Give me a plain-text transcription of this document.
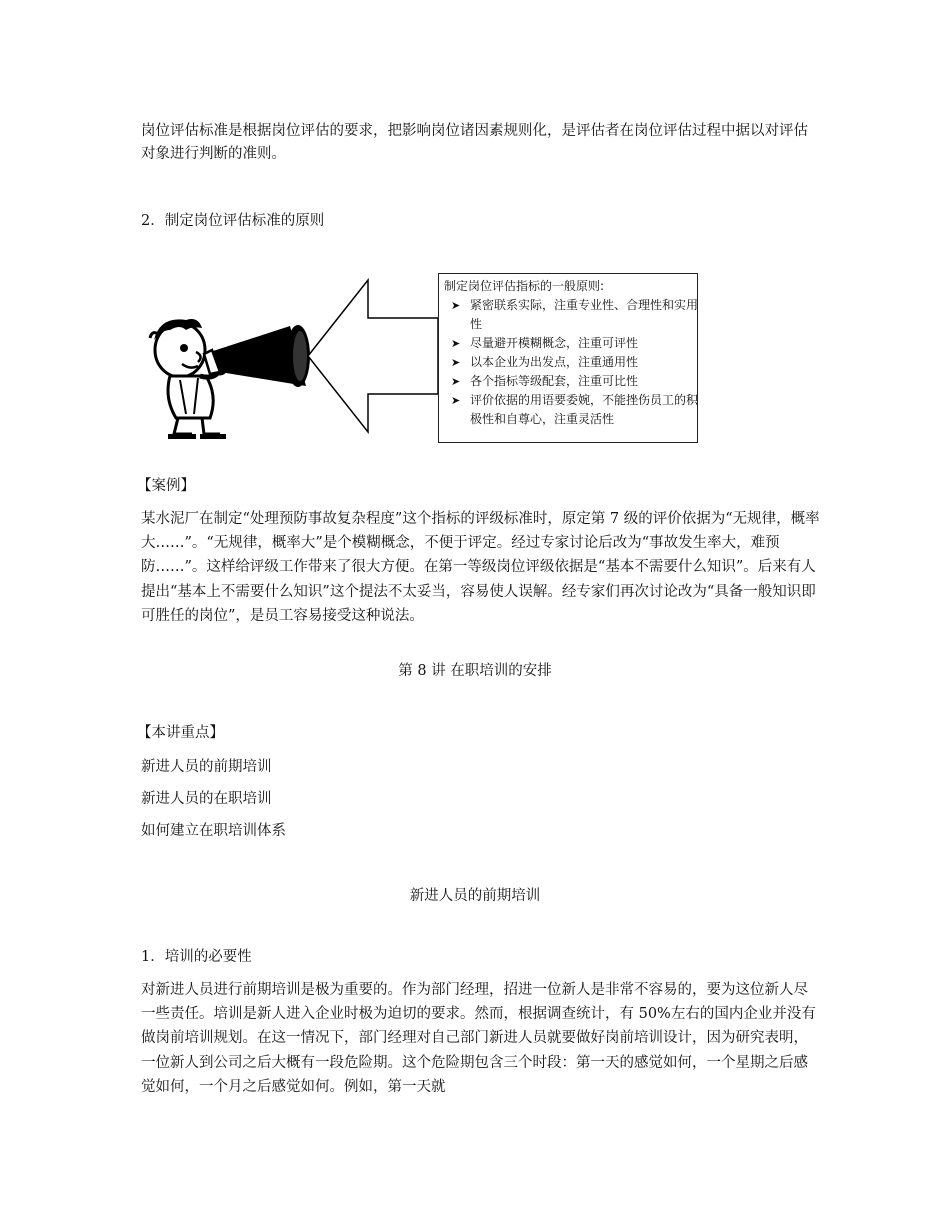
岗位评估标准是根据岗位评估的要求，把影响岗位诸因素规则化，是评估者在岗位评估过程中据以对评估对象进行判断的准则。

2．制定岗位评估标准的原则

制定岗位评估指标的一般原则:

➤ 紧密联系实际，注重专业性、合理性和实用性
➤ 尽量避开模糊概念，注重可评性
➤ 以本企业为出发点，注重通用性
➤ 各个指标等级配套，注重可比性
➤ 评价依据的用语要委婉，不能挫伤员工的积极性和自尊心，注重灵活性

【案例】

某水泥厂在制定“处理预防事故复杂程度”这个指标的评级标准时，原定第 7 级的评价依据为“无规律，概率大……”。“无规律，概率大”是个模糊概念，不便于评定。经过专家讨论后改为“事故发生率大，难预防……”。这样给评级工作带来了很大方便。在第一等级岗位评级依据是“基本不需要什么知识”。后来有人提出“基本上不需要什么知识”这个提法不太妥当，容易使人误解。经专家们再次讨论改为“具备一般知识即可胜任的岗位”，是员工容易接受这种说法。

第 8 讲 在职培训的安排

【本讲重点】

新进人员的前期培训

新进人员的在职培训

如何建立在职培训体系

新进人员的前期培训

1．培训的必要性

对新进人员进行前期培训是极为重要的。作为部门经理，招进一位新人是非常不容易的，要为这位新人尽一些责任。培训是新人进入企业时极为迫切的要求。然而，根据调查统计，有 50%左右的国内企业并没有做岗前培训规划。在这一情况下，部门经理对自己部门新进人员就要做好岗前培训设计，因为研究表明，一位新人到公司之后大概有一段危险期。这个危险期包含三个时段：第一天的感觉如何，一个星期之后感觉如何，一个月之后感觉如何。例如，第一天就
